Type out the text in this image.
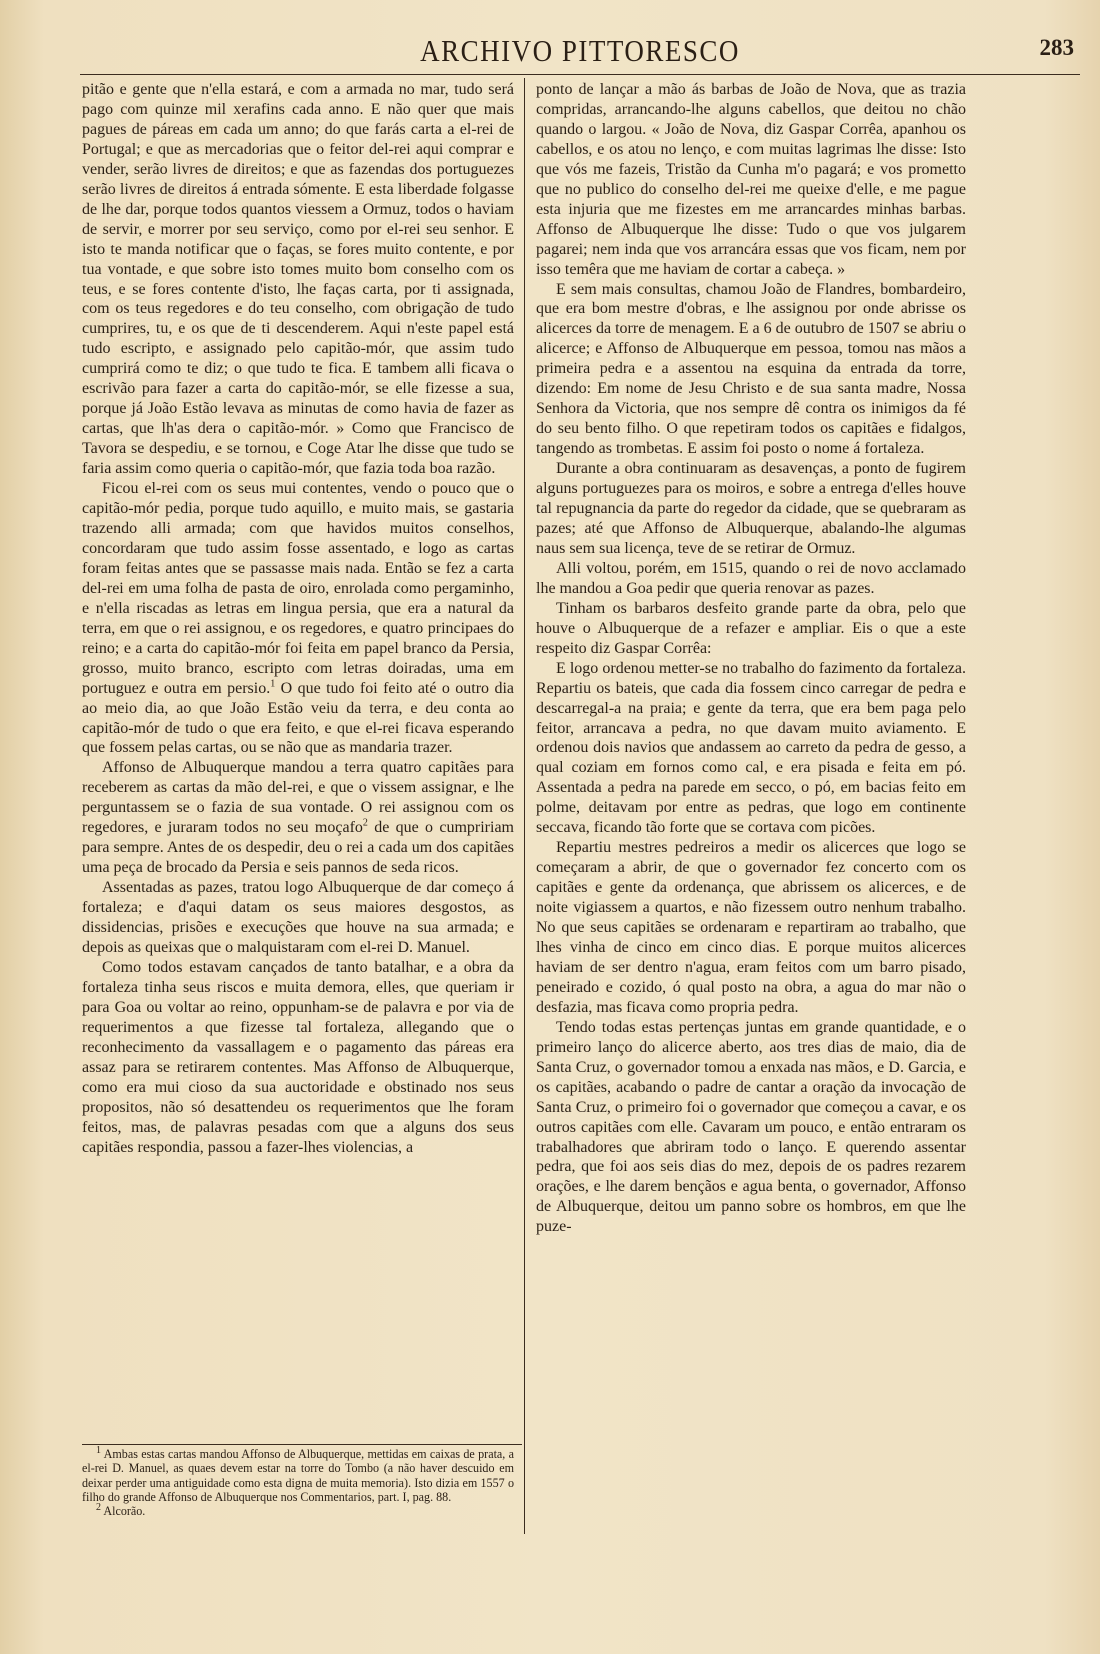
ARCHIVO PITTORESCO	283

pitão e gente que n'ella estará, e com a armada no mar, tudo será pago com quinze mil xerafins cada anno. E não quer que mais pagues de páreas em cada um anno; do que farás carta a el-rei de Portugal; e que as mercadorias que o feitor del-rei aqui comprar e vender, serão livres de direitos; e que as fazendas dos portuguezes serão livres de direitos á entrada sómente. E esta liberdade folgasse de lhe dar, porque todos quantos viessem a Ormuz, todos o haviam de servir, e morrer por seu serviço, como por el-rei seu senhor. E isto te manda notificar que o faças, se fores muito contente, e por tua vontade, e que sobre isto tomes muito bom conselho com os teus, e se fores contente d'isto, lhe faças carta, por ti assignada, com os teus regedores e do teu conselho, com obrigação de tudo cumprires, tu, e os que de ti descenderem. Aqui n'este papel está tudo escripto, e assignado pelo capitão-mór, que assim tudo cumprirá como te diz; o que tudo te fica. E tambem alli ficava o escrivão para fazer a carta do capitão-mór, se elle fizesse a sua, porque já João Estão levava as minutas de como havia de fazer as cartas, que lh'as dera o capitão-mór. » Como que Francisco de Tavora se despediu, e se tornou, e Coge Atar lhe disse que tudo se faria assim como queria o capitão-mór, que fazia toda boa razão.

Ficou el-rei com os seus mui contentes, vendo o pouco que o capitão-mór pedia, porque tudo aquillo, e muito mais, se gastaria trazendo alli armada; com que havidos muitos conselhos, concordaram que tudo assim fosse assentado, e logo as cartas foram feitas antes que se passasse mais nada. Então se fez a carta del-rei em uma folha de pasta de oiro, enrolada como pergaminho, e n'ella riscadas as letras em lingua persia, que era a natural da terra, em que o rei assignou, e os regedores, e quatro principaes do reino; e a carta do capitão-mór foi feita em papel branco da Persia, grosso, muito branco, escripto com letras doiradas, uma em portuguez e outra em persio.$^1$ O que tudo foi feito até o outro dia ao meio dia, ao que João Estão veiu da terra, e deu conta ao capitão-mór de tudo o que era feito, e que el-rei ficava esperando que fossem pelas cartas, ou se não que as mandaria trazer.

Affonso de Albuquerque mandou a terra quatro capitães para receberem as cartas da mão del-rei, e que o vissem assignar, e lhe perguntassem se o fazia de sua vontade. O rei assignou com os regedores, e juraram todos no seu moçafo$^2$ de que o cumpririam para sempre. Antes de os despedir, deu o rei a cada um dos capitães uma peça de brocado da Persia e seis pannos de seda ricos.

Assentadas as pazes, tratou logo Albuquerque de dar começo á fortaleza; e d'aqui datam os seus maiores desgostos, as dissidencias, prisões e execuções que houve na sua armada; e depois as queixas que o malquistaram com el-rei D. Manuel.

Como todos estavam cançados de tanto batalhar, e a obra da fortaleza tinha seus riscos e muita demora, elles, que queriam ir para Goa ou voltar ao reino, oppunham-se de palavra e por via de requerimentos a que fizesse tal fortaleza, allegando que o reconhecimento da vassallagem e o pagamento das páreas era assaz para se retirarem contentes. Mas Affonso de Albuquerque, como era mui cioso da sua auctoridade e obstinado nos seus propositos, não só desattendeu os requerimentos que lhe foram feitos, mas, de palavras pesadas com que a alguns dos seus capitães respondia, passou a fazer-lhes violencias, a

$^1$ Ambas estas cartas mandou Affonso de Albuquerque, mettidas em caixas de prata, a el-rei D. Manuel, as quaes devem estar na torre do Tombo (a não haver descuido em deixar perder uma antiguidade como esta digna de muita memoria). Isto dizia em 1557 o filho do grande Affonso de Albuquerque nos Commentarios, part. I, pag. 88.

$^2$ Alcorão.

ponto de lançar a mão ás barbas de João de Nova, que as trazia compridas, arrancando-lhe alguns cabellos, que deitou no chão quando o largou. « João de Nova, diz Gaspar Corrêa, apanhou os cabellos, e os atou no lenço, e com muitas lagrimas lhe disse: Isto que vós me fazeis, Tristão da Cunha m'o pagará; e vos prometto que no publico do conselho del-rei me queixe d'elle, e me pague esta injuria que me fizestes em me arrancardes minhas barbas. Affonso de Albuquerque lhe disse: Tudo o que vos julgarem pagarei; nem inda que vos arrancára essas que vos ficam, nem por isso temêra que me haviam de cortar a cabeça. »

E sem mais consultas, chamou João de Flandres, bombardeiro, que era bom mestre d'obras, e lhe assignou por onde abrisse os alicerces da torre de menagem. E a 6 de outubro de 1507 se abriu o alicerce; e Affonso de Albuquerque em pessoa, tomou nas mãos a primeira pedra e a assentou na esquina da entrada da torre, dizendo: Em nome de Jesu Christo e de sua santa madre, Nossa Senhora da Victoria, que nos sempre dê contra os inimigos da fé do seu bento filho. O que repetiram todos os capitães e fidalgos, tangendo as trombetas. E assim foi posto o nome á fortaleza.

Durante a obra continuaram as desavenças, a ponto de fugirem alguns portuguezes para os moiros, e sobre a entrega d'elles houve tal repugnancia da parte do regedor da cidade, que se quebraram as pazes; até que Affonso de Albuquerque, abalando-lhe algumas naus sem sua licença, teve de se retirar de Ormuz.

Alli voltou, porém, em 1515, quando o rei de novo acclamado lhe mandou a Goa pedir que queria renovar as pazes.

Tinham os barbaros desfeito grande parte da obra, pelo que houve o Albuquerque de a refazer e ampliar. Eis o que a este respeito diz Gaspar Corrêa:

E logo ordenou metter-se no trabalho do fazimento da fortaleza. Repartiu os bateis, que cada dia fossem cinco carregar de pedra e descarregal-a na praia; e gente da terra, que era bem paga pelo feitor, arrancava a pedra, no que davam muito aviamento. E ordenou dois navios que andassem ao carreto da pedra de gesso, a qual coziam em fornos como cal, e era pisada e feita em pó. Assentada a pedra na parede em secco, o pó, em bacias feito em polme, deitavam por entre as pedras, que logo em continente seccava, ficando tão forte que se cortava com picões.

Repartiu mestres pedreiros a medir os alicerces que logo se começaram a abrir, de que o governador fez concerto com os capitães e gente da ordenança, que abrissem os alicerces, e de noite vigiassem a quartos, e não fizessem outro nenhum trabalho. No que seus capitães se ordenaram e repartiram ao trabalho, que lhes vinha de cinco em cinco dias. E porque muitos alicerces haviam de ser dentro n'agua, eram feitos com um barro pisado, peneirado e cozido, ó qual posto na obra, a agua do mar não o desfazia, mas ficava como propria pedra.

Tendo todas estas pertenças juntas em grande quantidade, e o primeiro lanço do alicerce aberto, aos tres dias de maio, dia de Santa Cruz, o governador tomou a enxada nas mãos, e D. Garcia, e os capitães, acabando o padre de cantar a oração da invocação de Santa Cruz, o primeiro foi o governador que começou a cavar, e os outros capitães com elle. Cavaram um pouco, e então entraram os trabalhadores que abriram todo o lanço. E querendo assentar pedra, que foi aos seis dias do mez, depois de os padres rezarem orações, e lhe darem bençãos e agua benta, o governador, Affonso de Albuquerque, deitou um panno sobre os hombros, em que lhe puze-
